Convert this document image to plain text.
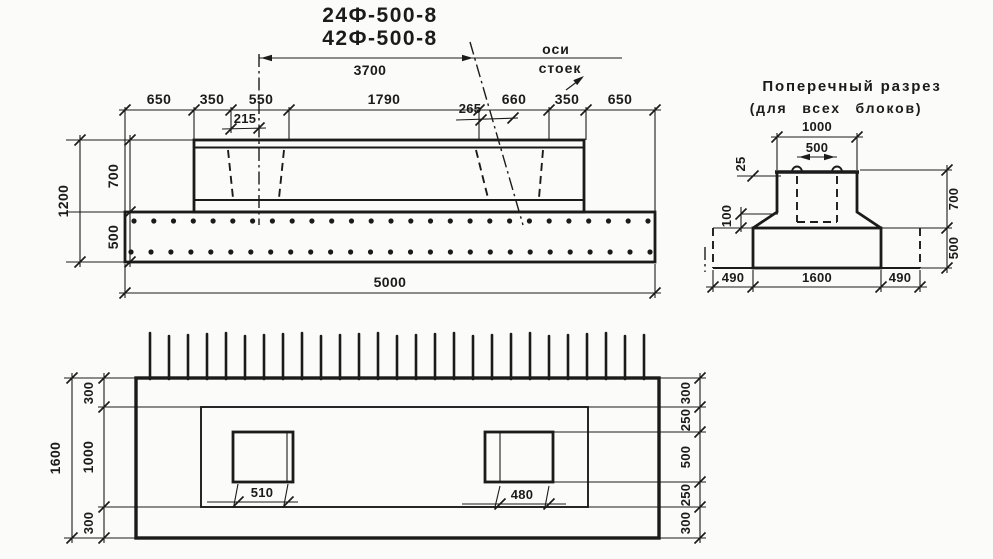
24Ф-500-8
42Ф-500-8
3700
оси
стоек
650 350 550	1790	660 350 650
215
265
1200
700
500
5000
Поперечный разрез
(для всех блоков)
1000
500
25
100
700
500
490	1600	490
510	480
1600
300
1000
300
300
250
500
250
300
